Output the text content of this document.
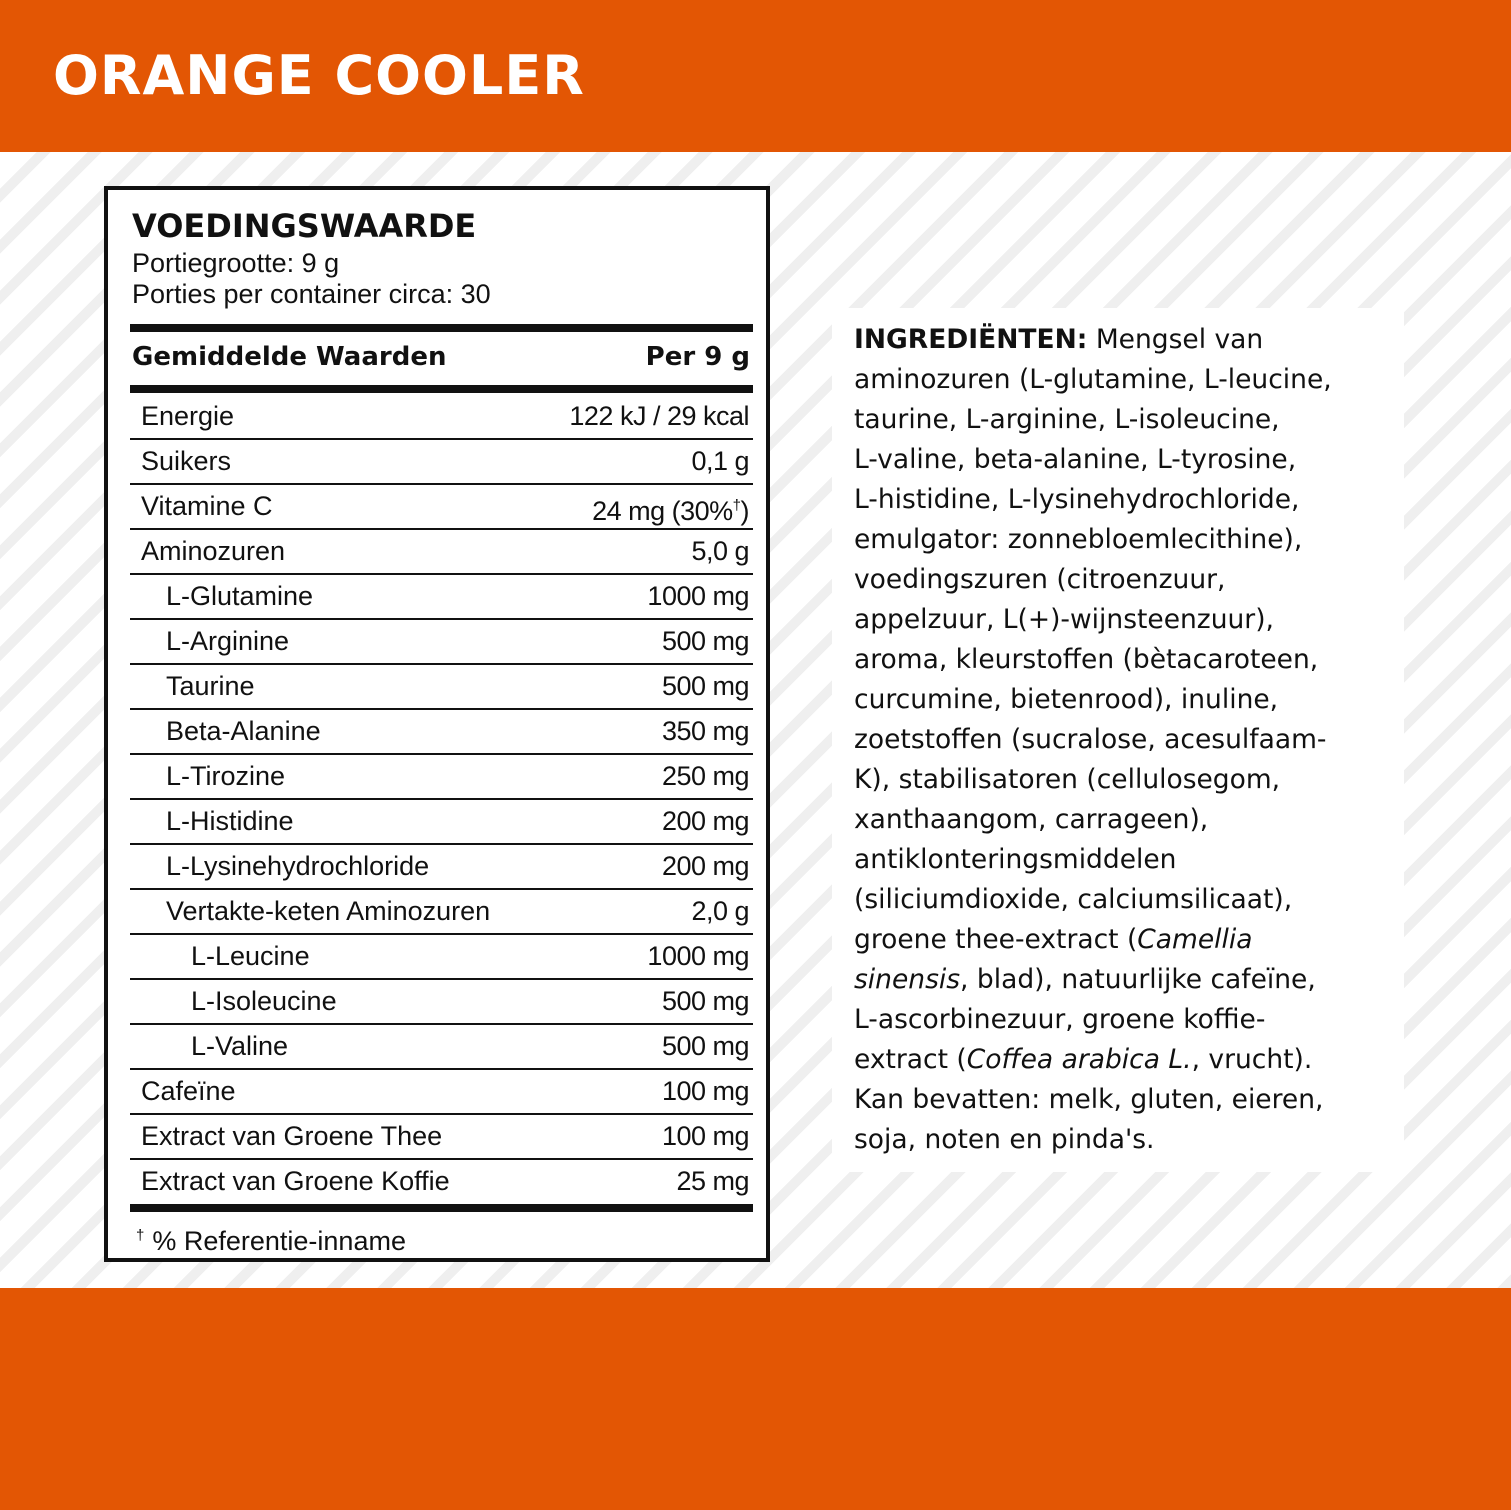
ORANGE COOLER
VOEDINGSWAARDE
Portiegrootte: 9 g
Porties per container circa: 30
Gemiddelde Waarden	Per 9 g
Energie	122 kJ / 29 kcal
Suikers	0,1 g
Vitamine C	24 mg (30%†)
Aminozuren	5,0 g
L-Glutamine	1000 mg
L-Arginine	500 mg
Taurine	500 mg
Beta-Alanine	350 mg
L-Tirozine	250 mg
L-Histidine	200 mg
L-Lysinehydrochloride	200 mg
Vertakte-keten Aminozuren	2,0 g
L-Leucine	1000 mg
L-Isoleucine	500 mg
L-Valine	500 mg
Cafeïne	100 mg
Extract van Groene Thee	100 mg
Extract van Groene Koffie	25 mg
† % Referentie-inname
INGREDIËNTEN: Mengsel van
aminozuren (L-glutamine, L-leucine,
taurine, L-arginine, L-isoleucine,
L-valine, beta-alanine, L-tyrosine,
L-histidine, L-lysinehydrochloride,
emulgator: zonnebloemlecithine),
voedingszuren (citroenzuur,
appelzuur, L(+)-wijnsteenzuur),
aroma, kleurstoffen (bètacaroteen,
curcumine, bietenrood), inuline,
zoetstoffen (sucralose, acesulfaam-
K), stabilisatoren (cellulosegom,
xanthaangom, carrageen),
antiklonteringsmiddelen
(siliciumdioxide, calciumsilicaat),
groene thee-extract (Camellia
sinensis, blad), natuurlijke cafeïne,
L-ascorbinezuur, groene koffie-
extract (Coffea arabica L., vrucht).
Kan bevatten: melk, gluten, eieren,
soja, noten en pinda's.
